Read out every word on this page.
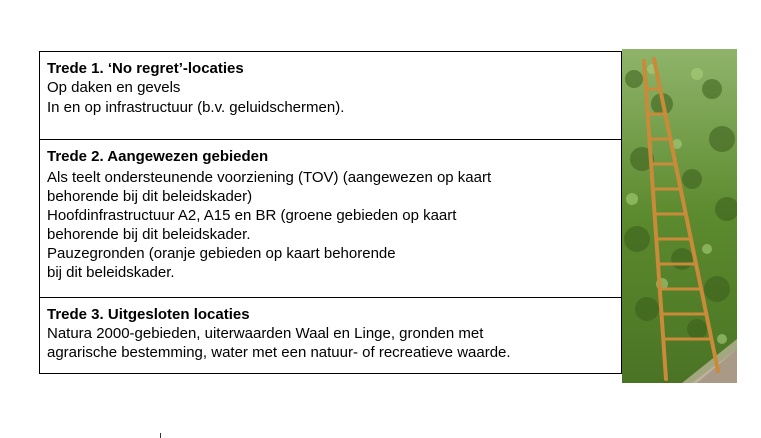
Trede 1. ‘No regret’-locaties
Op daken en gevels
In en op infrastructuur (b.v. geluidschermen).
Trede 2. Aangewezen gebieden
Als teelt ondersteunende voorziening (TOV) (aangewezen op kaart
behorende bij dit beleidskader)
Hoofdinfrastructuur A2, A15 en BR (groene gebieden op kaart
behorende bij dit beleidskader.
Pauzegronden (oranje gebieden op kaart behorende
bij dit beleidskader.
Trede 3. Uitgesloten locaties
Natura 2000-gebieden, uiterwaarden Waal en Linge, gronden met
agrarische bestemming, water met een natuur- of recreatieve waarde.
